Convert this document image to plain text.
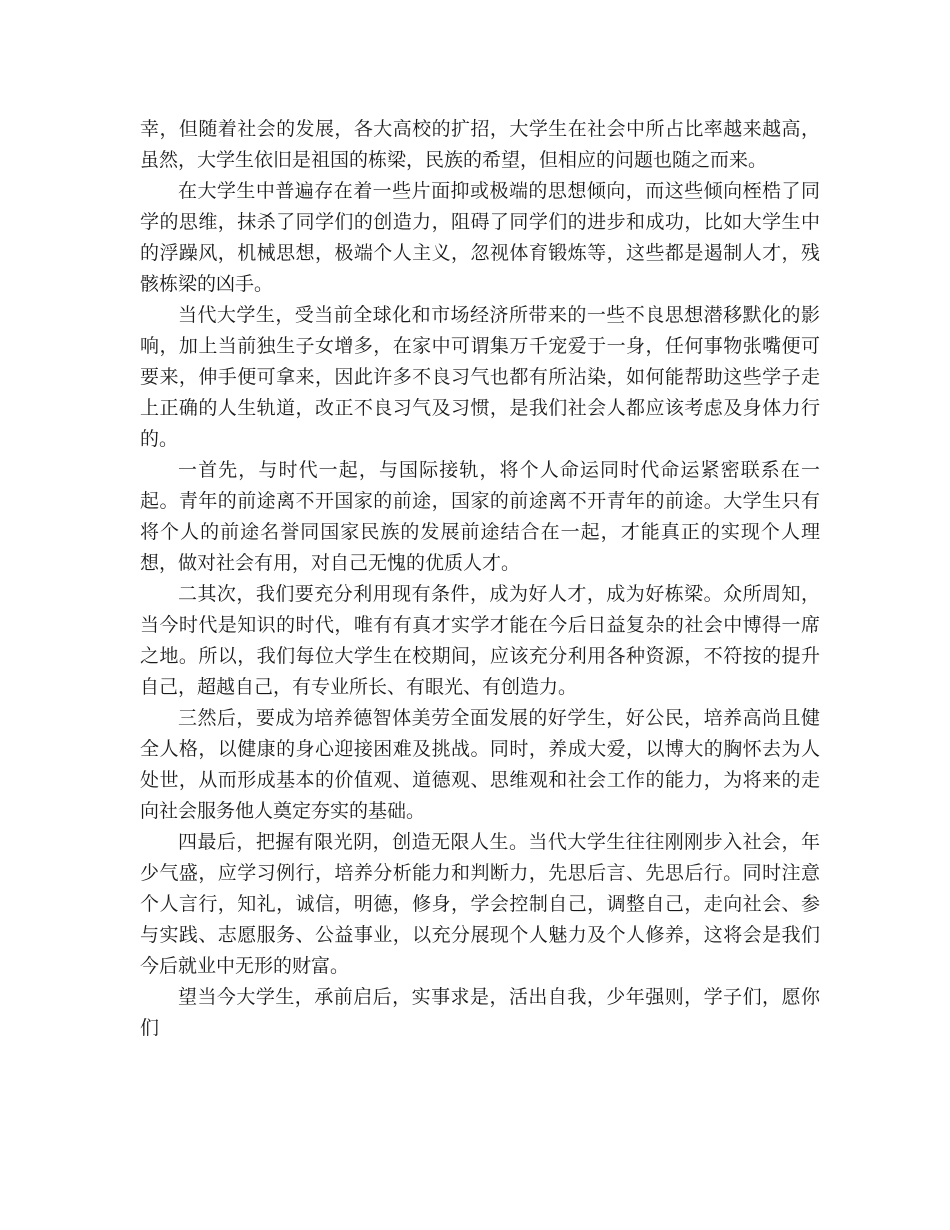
幸，但随着社会的发展，各大高校的扩招，大学生在社会中所占比率越来越高，虽然，大学生依旧是祖国的栋梁，民族的希望，但相应的问题也随之而来。

在大学生中普遍存在着一些片面抑或极端的思想倾向，而这些倾向桎梏了同学的思维，抹杀了同学们的创造力，阻碍了同学们的进步和成功，比如大学生中的浮躁风，机械思想，极端个人主义，忽视体育锻炼等，这些都是遏制人才，残骸栋梁的凶手。

当代大学生，受当前全球化和市场经济所带来的一些不良思想潜移默化的影响，加上当前独生子女增多，在家中可谓集万千宠爱于一身，任何事物张嘴便可要来，伸手便可拿来，因此许多不良习气也都有所沾染，如何能帮助这些学子走上正确的人生轨道，改正不良习气及习惯，是我们社会人都应该考虑及身体力行的。

一首先，与时代一起，与国际接轨，将个人命运同时代命运紧密联系在一起。青年的前途离不开国家的前途，国家的前途离不开青年的前途。大学生只有将个人的前途名誉同国家民族的发展前途结合在一起，才能真正的实现个人理想，做对社会有用，对自己无愧的优质人才。

二其次，我们要充分利用现有条件，成为好人才，成为好栋梁。众所周知，当今时代是知识的时代，唯有有真才实学才能在今后日益复杂的社会中博得一席之地。所以，我们每位大学生在校期间，应该充分利用各种资源，不符按的提升自己，超越自己，有专业所长、有眼光、有创造力。

三然后，要成为培养德智体美劳全面发展的好学生，好公民，培养高尚且健全人格，以健康的身心迎接困难及挑战。同时，养成大爱，以博大的胸怀去为人处世，从而形成基本的价值观、道德观、思维观和社会工作的能力，为将来的走向社会服务他人奠定夯实的基础。

四最后，把握有限光阴，创造无限人生。当代大学生往往刚刚步入社会，年少气盛，应学习例行，培养分析能力和判断力，先思后言、先思后行。同时注意个人言行，知礼，诚信，明德，修身，学会控制自己，调整自己，走向社会、参与实践、志愿服务、公益事业，以充分展现个人魅力及个人修养，这将会是我们今后就业中无形的财富。

望当今大学生，承前启后，实事求是，活出自我，少年强则，学子们，愿你们
